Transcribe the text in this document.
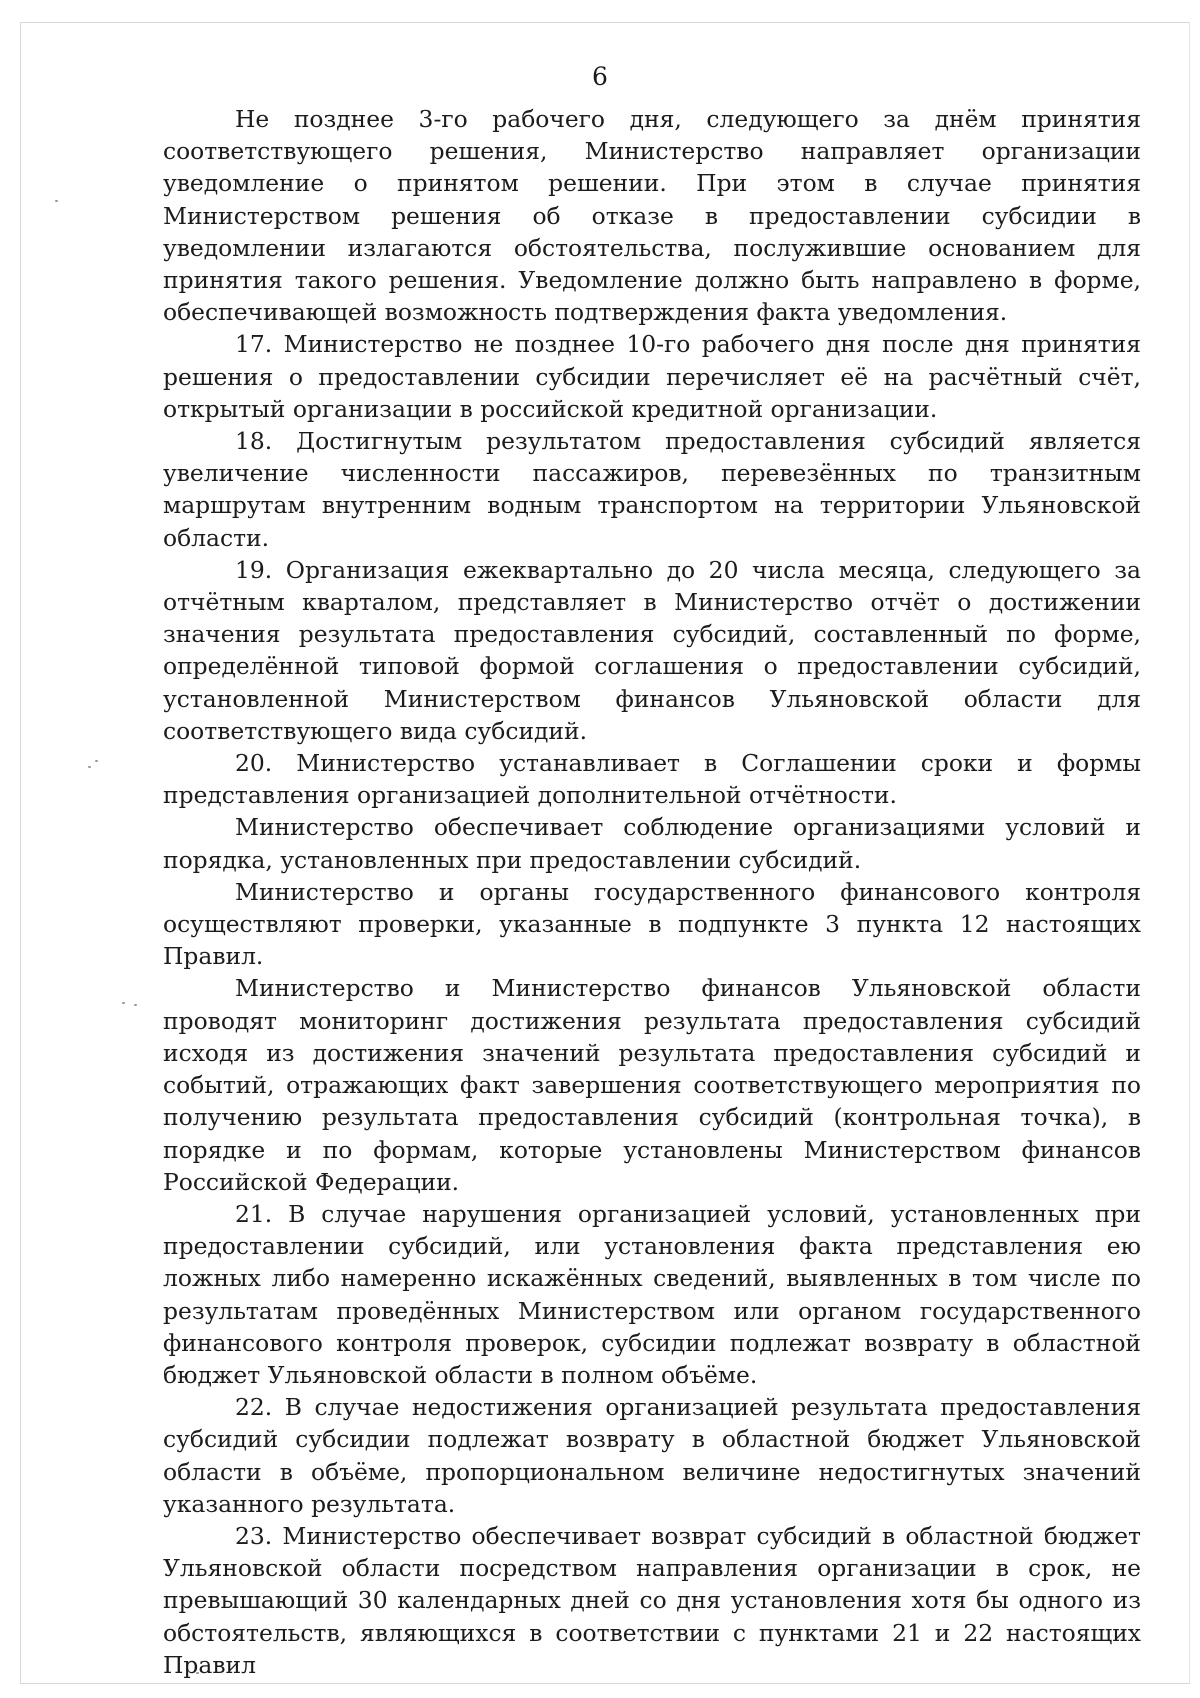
6

Не позднее 3-го рабочего дня, следующего за днём принятия соответствующего решения, Министерство направляет организации уведомление о принятом решении. При этом в случае принятия Министерством решения об отказе в предоставлении субсидии в уведомлении излагаются обстоятельства, послужившие основанием для принятия такого решения. Уведомление должно быть направлено в форме, обеспечивающей возможность подтверждения факта уведомления.

17. Министерство не позднее 10-го рабочего дня после дня принятия решения о предоставлении субсидии перечисляет её на расчётный счёт, открытый организации в российской кредитной организации.

18. Достигнутым результатом предоставления субсидий является увеличение численности пассажиров, перевезённых по транзитным маршрутам внутренним водным транспортом на территории Ульяновской области.

19. Организация ежеквартально до 20 числа месяца, следующего за отчётным кварталом, представляет в Министерство отчёт о достижении значения результата предоставления субсидий, составленный по форме, определённой типовой формой соглашения о предоставлении субсидий, установленной Министерством финансов Ульяновской области для соответствующего вида субсидий.

20. Министерство устанавливает в Соглашении сроки и формы представления организацией дополнительной отчётности.

Министерство обеспечивает соблюдение организациями условий и порядка, установленных при предоставлении субсидий.

Министерство и органы государственного финансового контроля осуществляют проверки, указанные в подпункте 3 пункта 12 настоящих Правил.

Министерство и Министерство финансов Ульяновской области проводят мониторинг достижения результата предоставления субсидий исходя из достижения значений результата предоставления субсидий и событий, отражающих факт завершения соответствующего мероприятия по получению результата предоставления субсидий (контрольная точка), в порядке и по формам, которые установлены Министерством финансов Российской Федерации.

21. В случае нарушения организацией условий, установленных при предоставлении субсидий, или установления факта представления ею ложных либо намеренно искажённых сведений, выявленных в том числе по результатам проведённых Министерством или органом государственного финансового контроля проверок, субсидии подлежат возврату в областной бюджет Ульяновской области в полном объёме.

22. В случае недостижения организацией результата предоставления субсидий субсидии подлежат возврату в областной бюджет Ульяновской области в объёме, пропорциональном величине недостигнутых значений указанного результата.

23. Министерство обеспечивает возврат субсидий в областной бюджет Ульяновской области посредством направления организации в срок, не превышающий 30 календарных дней со дня установления хотя бы одного из обстоятельств, являющихся в соответствии с пунктами 21 и 22 настоящих Правил
